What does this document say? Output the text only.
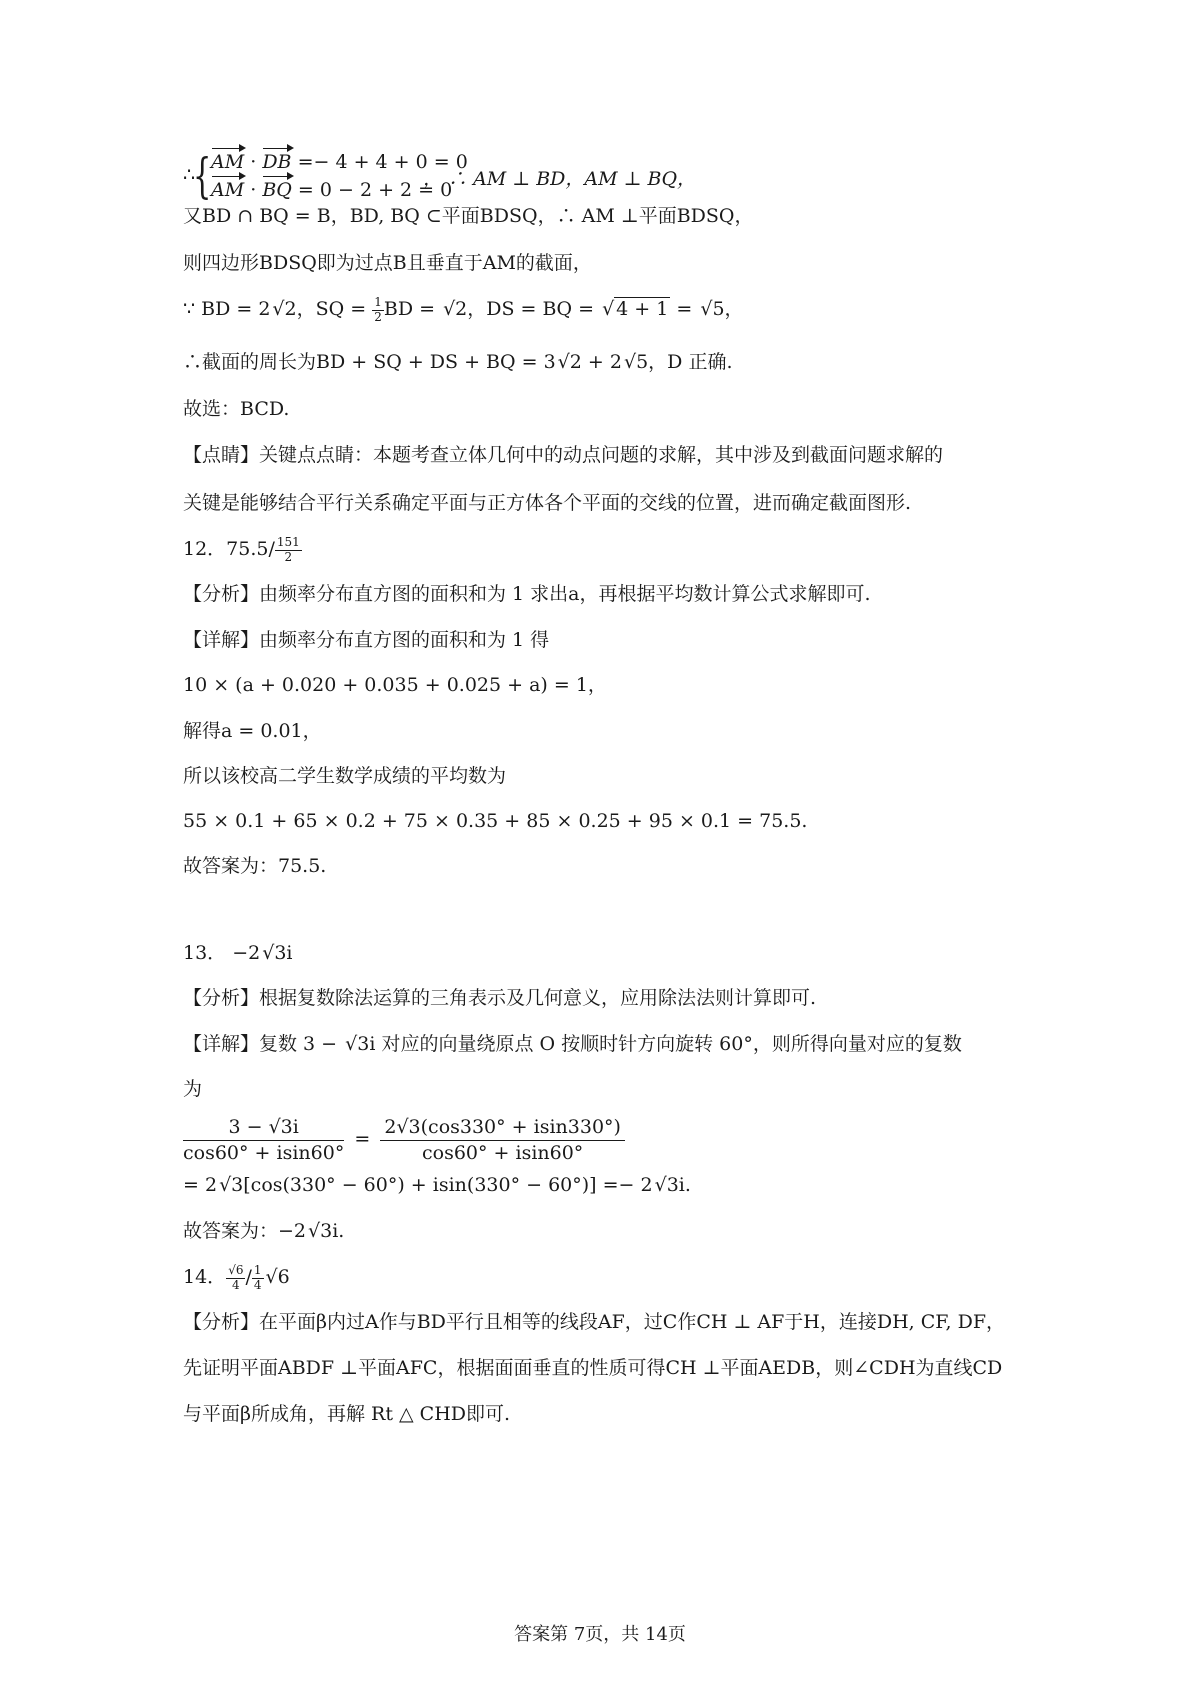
∴
{ AM · DB =− 4 + 4 + 0 = 0
AM · BQ = 0 − 2 + 2 = 0
， ∴ AM ⊥ BD，AM ⊥ BQ，
又BD ∩ BQ = B，BD, BQ ⊂平面BDSQ，∴ AM ⊥平面BDSQ，
则四边形BDSQ即为过点B且垂直于AM的截面，
∵ BD = 2 √2，SQ = $\frac{1}{2}$ BD = √2，DS = BQ = √ 4 + 1 = √5，
∴截面的周长为BD + SQ + DS + BQ = 3 √2 + 2 √5，D 正确.
故选：BCD.
【点睛】关键点点睛：本题考查立体几何中的动点问题的求解，其中涉及到截面问题求解的
关键是能够结合平行关系确定平面与正方体各个平面的交线的位置，进而确定截面图形.
12．$75.5/ \frac{151}{2}$
【分析】由频率分布直方图的面积和为 1 求出a，再根据平均数计算公式求解即可.
【详解】由频率分布直方图的面积和为 1 得
10 × (a + 0.020 + 0.035 + 0.025 + a) = 1，
解得a = 0.01，
所以该校高二学生数学成绩的平均数为
55 × 0.1 + 65 × 0.2 + 75 × 0.35 + 85 × 0.25 + 95 × 0.1 = 75.5.
故答案为：75.5.
13． −2 √3i
【分析】根据复数除法运算的三角表示及几何意义，应用除法法则计算即可.
【详解】复数 3 − √3i 对应的向量绕原点 O 按顺时针方向旋转 60°，则所得向量对应的复数
为
$\frac{3 - √3i}{\cos 60^\circ + isin60^\circ} = \frac{2√3(\cos 330^\circ + isin330^\circ)}{\cos 60^\circ + isin60^\circ}$
= 2 √3[cos(330° − 60°) + isin(330° − 60°)] =− 2 √3i.
故答案为：−2 √3i.
14． $\frac{√6}{4} / \frac{1}{4} √6$
【分析】在平面β内过A作与BD平行且相等的线段AF，过C作CH ⊥ AF于H，连接DH, CF, DF，
先证明平面ABDF ⊥平面AFC，根据面面垂直的性质可得CH ⊥平面AEDB，则∠CDH为直线CD
与平面β所成角，再解 Rt △ CHD即可.
答案第 7页，共 14页
